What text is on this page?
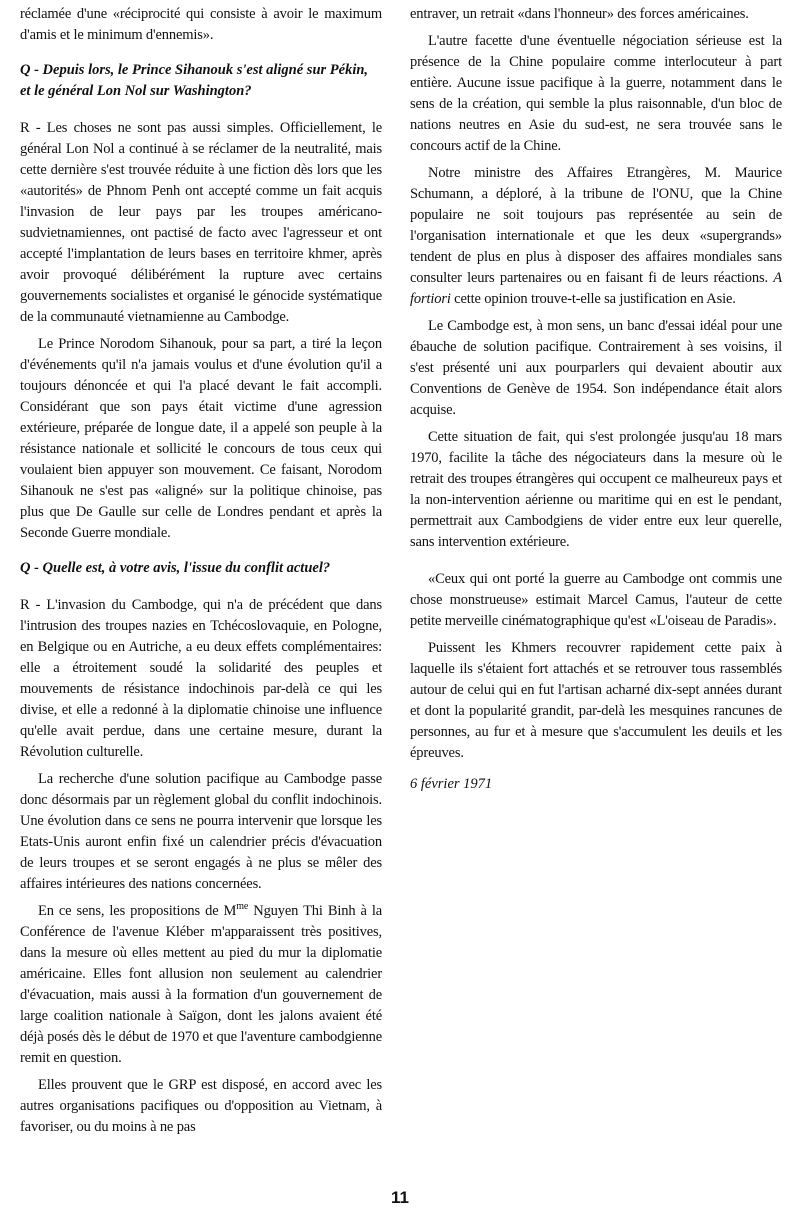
réclamée d'une «réciprocité qui consiste à avoir le maximum d'amis et le minimum d'ennemis».

Q - Depuis lors, le Prince Sihanouk s'est aligné sur Pékin, et le général Lon Nol sur Washington?

R - Les choses ne sont pas aussi simples. Officiellement, le général Lon Nol a continué à se réclamer de la neutralité, mais cette dernière s'est trouvée réduite à une fiction dès lors que les «autorités» de Phnom Penh ont accepté comme un fait acquis l'invasion de leur pays par les troupes américano-sudvietnamiennes, ont pactisé de facto avec l'agresseur et ont accepté l'implantation de leurs bases en territoire khmer, après avoir provoqué délibérément la rupture avec certains gouvernements socialistes et organisé le génocide systématique de la communauté vietnamienne au Cambodge.

Le Prince Norodom Sihanouk, pour sa part, a tiré la leçon d'événements qu'il n'a jamais voulus et d'une évolution qu'il a toujours dénoncée et qui l'a placé devant le fait accompli. Considérant que son pays était victime d'une agression extérieure, préparée de longue date, il a appelé son peuple à la résistance nationale et sollicité le concours de tous ceux qui voulaient bien appuyer son mouvement. Ce faisant, Norodom Sihanouk ne s'est pas «aligné» sur la politique chinoise, pas plus que De Gaulle sur celle de Londres pendant et après la Seconde Guerre mondiale.

Q - Quelle est, à votre avis, l'issue du conflit actuel?

R - L'invasion du Cambodge, qui n'a de précédent que dans l'intrusion des troupes nazies en Tchécoslovaquie, en Pologne, en Belgique ou en Autriche, a eu deux effets complémentaires: elle a étroitement soudé la solidarité des peuples et mouvements de résistance indochinois par-delà ce qui les divise, et elle a redonné à la diplomatie chinoise une influence qu'elle avait perdue, dans une certaine mesure, durant la Révolution culturelle.

La recherche d'une solution pacifique au Cambodge passe donc désormais par un règlement global du conflit indochinois. Une évolution dans ce sens ne pourra intervenir que lorsque les Etats-Unis auront enfin fixé un calendrier précis d'évacuation de leurs troupes et se seront engagés à ne plus se mêler des affaires intérieures des nations concernées.

En ce sens, les propositions de $M^{me}$ Nguyen Thi Binh à la Conférence de l'avenue Kléber m'apparaissent très positives, dans la mesure où elles mettent au pied du mur la diplomatie américaine. Elles font allusion non seulement au calendrier d'évacuation, mais aussi à la formation d'un gouvernement de large coalition nationale à Saïgon, dont les jalons avaient été déjà posés dès le début de 1970 et que l'aventure cambodgienne remit en question.

Elles prouvent que le GRP est disposé, en accord avec les autres organisations pacifiques ou d'opposition au Vietnam, à favoriser, ou du moins à ne pas

entraver, un retrait «dans l'honneur» des forces américaines.

L'autre facette d'une éventuelle négociation sérieuse est la présence de la Chine populaire comme interlocuteur à part entière. Aucune issue pacifique à la guerre, notamment dans le sens de la création, qui semble la plus raisonnable, d'un bloc de nations neutres en Asie du sud-est, ne sera trouvée sans le concours actif de la Chine.

Notre ministre des Affaires Etrangères, M. Maurice Schumann, a déploré, à la tribune de l'ONU, que la Chine populaire ne soit toujours pas représentée au sein de l'organisation internationale et que les deux «supergrands» tendent de plus en plus à disposer des affaires mondiales sans consulter leurs partenaires ou en faisant fi de leurs réactions. A fortiori cette opinion trouve-t-elle sa justification en Asie.

Le Cambodge est, à mon sens, un banc d'essai idéal pour une ébauche de solution pacifique. Contrairement à ses voisins, il s'est présenté uni aux pourparlers qui devaient aboutir aux Conventions de Genève de 1954. Son indépendance était alors acquise.

Cette situation de fait, qui s'est prolongée jusqu'au 18 mars 1970, facilite la tâche des négociateurs dans la mesure où le retrait des troupes étrangères qui occupent ce malheureux pays et la non-intervention aérienne ou maritime qui en est le pendant, permettrait aux Cambodgiens de vider entre eux leur querelle, sans intervention extérieure.

«Ceux qui ont porté la guerre au Cambodge ont commis une chose monstrueuse» estimait Marcel Camus, l'auteur de cette petite merveille cinématographique qu'est «L'oiseau de Paradis».

Puissent les Khmers recouvrer rapidement cette paix à laquelle ils s'étaient fort attachés et se retrouver tous rassemblés autour de celui qui en fut l'artisan acharné dix-sept années durant et dont la popularité grandit, par-delà les mesquines rancunes de personnes, au fur et à mesure que s'accumulent les deuils et les épreuves.

6 février 1971
11
